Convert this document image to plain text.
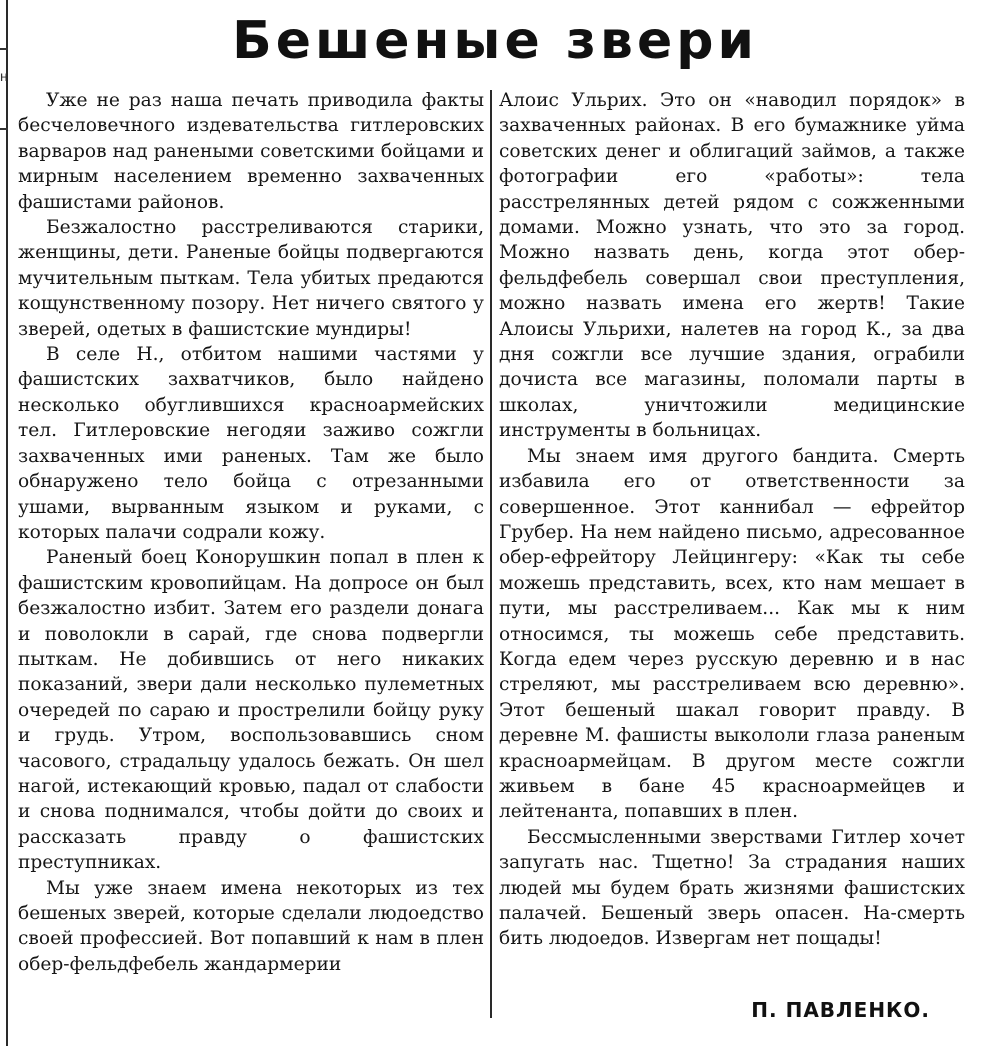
н
Бешеные звери

Уже не раз наша печать приводила факты бесчеловечного издевательства гитлеровских варваров над ранеными советскими бойцами и мирным населением временно захваченных фашистами районов.

Безжалостно расстреливаются старики, женщины, дети. Раненые бойцы подвергаются мучительным пыткам. Тела убитых предаются кощунственному позору. Нет ничего святого у зверей, одетых в фашистские мундиры!

В селе Н., отбитом нашими частями у фашистских захватчиков, было найдено несколько обуглившихся красноармейских тел. Гитлеровские негодяи заживо сожгли захваченных ими раненых. Там же было обнаружено тело бойца с отрезанными ушами, вырванным языком и руками, с которых палачи содрали кожу.

Раненый боец Конорушкин попал в плен к фашистским кровопийцам. На допросе он был безжалостно избит. Затем его раздели донага и поволокли в сарай, где снова подвергли пыткам. Не добившись от него никаких показаний, звери дали несколько пулеметных очередей по сараю и прострелили бойцу руку и грудь. Утром, воспользовавшись сном часового, страдальцу удалось бежать. Он шел нагой, истекающий кровью, падал от слабости и снова поднимался, чтобы дойти до своих и рассказать правду о фашистских преступниках.

Мы уже знаем имена некоторых из тех бешеных зверей, которые сделали людоедство своей профессией. Вот попавший к нам в плен обер-фельдфебель жандармерии

Алоис Ульрих. Это он «наводил порядок» в захваченных районах. В его бумажнике уйма советских денег и облигаций займов, а также фотографии его «работы»: тела расстрелянных детей рядом с сожженными домами. Можно узнать, что это за город. Можно назвать день, когда этот обер-фельдфебель совершал свои преступления, можно назвать имена его жертв! Такие Алоисы Ульрихи, налетев на город К., за два дня сожгли все лучшие здания, ограбили дочиста все магазины, поломали парты в школах, уничтожили медицинские инструменты в больницах.

Мы знаем имя другого бандита. Смерть избавила его от ответственности за совершенное. Этот каннибал — ефрейтор Грубер. На нем найдено письмо, адресованное обер-ефрейтору Лейцингеру: «Как ты себе можешь представить, всех, кто нам мешает в пути, мы расстреливаем... Как мы к ним относимся, ты можешь себе представить. Когда едем через русскую деревню и в нас стреляют, мы расстреливаем всю деревню». Этот бешеный шакал говорит правду. В деревне М. фашисты выкололи глаза раненым красноармейцам. В другом месте сожгли живьем в бане 45 красноармейцев и лейтенанта, попавших в плен.

Бессмысленными зверствами Гитлер хочет запугать нас. Тщетно! За страдания наших людей мы будем брать жизнями фашистских палачей. Бешеный зверь опасен. На-смерть бить людоедов. Извергам нет пощады!

П. ПАВЛЕНКО.
